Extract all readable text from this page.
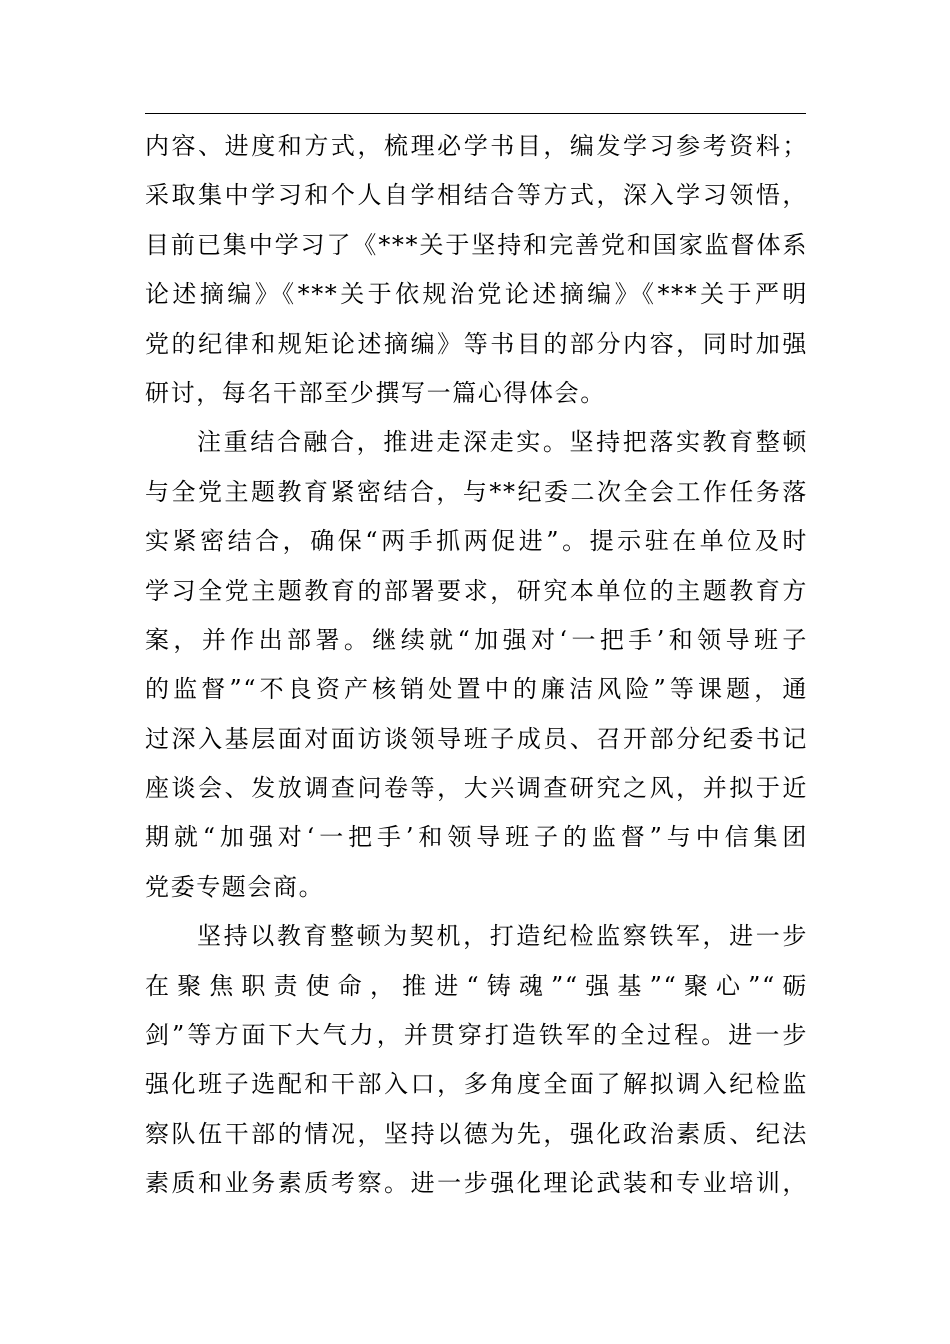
内容、进度和方式，梳理必学书目，编发学习参考资料；
采取集中学习和个人自学相结合等方式，深入学习领悟，
目前已集中学习了《***关于坚持和完善党和国家监督体系
论述摘编》《***关于依规治党论述摘编》《***关于严明
党的纪律和规矩论述摘编》等书目的部分内容，同时加强
研讨，每名干部至少撰写一篇心得体会。
注重结合融合，推进走深走实。坚持把落实教育整顿
与全党主题教育紧密结合，与**纪委二次全会工作任务落
实紧密结合，确保“两手抓两促进”。提示驻在单位及时
学习全党主题教育的部署要求，研究本单位的主题教育方
案，并作出部署。继续就“加强对‘一把手’和领导班子
的监督”“不良资产核销处置中的廉洁风险”等课题，通
过深入基层面对面访谈领导班子成员、召开部分纪委书记
座谈会、发放调查问卷等，大兴调查研究之风，并拟于近
期就“加强对‘一把手’和领导班子的监督”与中信集团
党委专题会商。
坚持以教育整顿为契机，打造纪检监察铁军，进一步
在聚焦职责使命，推进“铸魂”“强基”“聚心”“砺
剑”等方面下大气力，并贯穿打造铁军的全过程。进一步
强化班子选配和干部入口，多角度全面了解拟调入纪检监
察队伍干部的情况，坚持以德为先，强化政治素质、纪法
素质和业务素质考察。进一步强化理论武装和专业培训，
